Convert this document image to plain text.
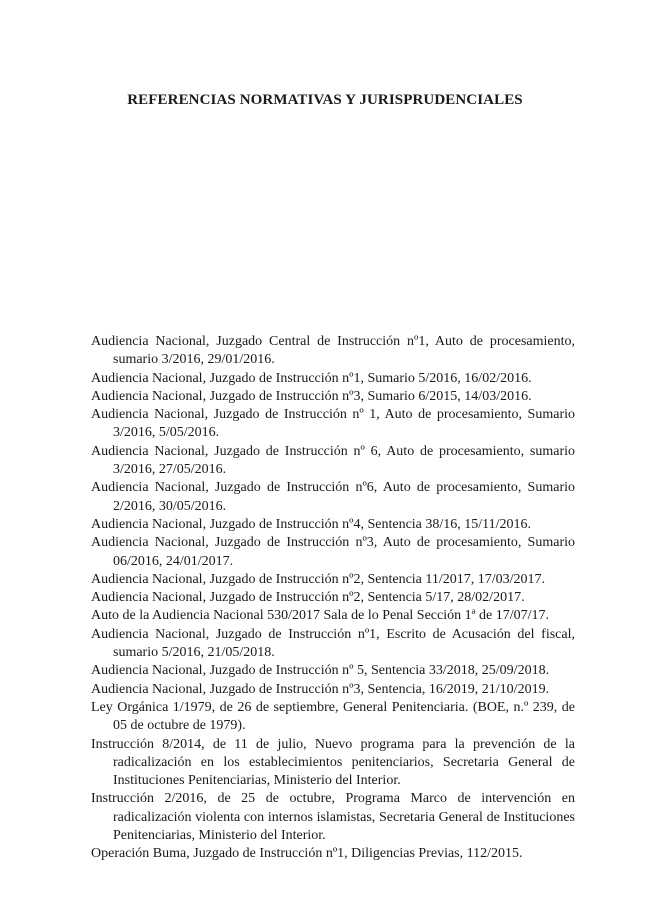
REFERENCIAS NORMATIVAS Y JURISPRUDENCIALES
Audiencia Nacional, Juzgado Central de Instrucción nº1, Auto de procesamiento, sumario 3/2016, 29/01/2016.
Audiencia Nacional, Juzgado de Instrucción nº1, Sumario 5/2016, 16/02/2016.
Audiencia Nacional, Juzgado de Instrucción nº3, Sumario 6/2015, 14/03/2016.
Audiencia Nacional, Juzgado de Instrucción nº 1, Auto de procesamiento, Sumario 3/2016, 5/05/2016.
Audiencia Nacional, Juzgado de Instrucción nº 6, Auto de procesamiento, sumario 3/2016, 27/05/2016.
Audiencia Nacional, Juzgado de Instrucción nº6, Auto de procesamiento, Sumario 2/2016, 30/05/2016.
Audiencia Nacional, Juzgado de Instrucción nº4, Sentencia 38/16, 15/11/2016.
Audiencia Nacional, Juzgado de Instrucción nº3, Auto de procesamiento, Sumario 06/2016, 24/01/2017.
Audiencia Nacional, Juzgado de Instrucción nº2, Sentencia 11/2017, 17/03/2017.
Audiencia Nacional, Juzgado de Instrucción nº2, Sentencia 5/17, 28/02/2017.
Auto de la Audiencia Nacional 530/2017 Sala de lo Penal Sección 1ª de 17/07/17.
Audiencia Nacional, Juzgado de Instrucción nº1, Escrito de Acusación del fiscal, sumario 5/2016, 21/05/2018.
Audiencia Nacional, Juzgado de Instrucción nº 5, Sentencia 33/2018, 25/09/2018.
Audiencia Nacional, Juzgado de Instrucción nº3, Sentencia, 16/2019, 21/10/2019.
Ley Orgánica 1/1979, de 26 de septiembre, General Penitenciaria. (BOE, n.º 239, de 05 de octubre de 1979).
Instrucción 8/2014, de 11 de julio, Nuevo programa para la prevención de la radicalización en los establecimientos penitenciarios, Secretaria General de Instituciones Penitenciarias, Ministerio del Interior.
Instrucción 2/2016, de 25 de octubre, Programa Marco de intervención en radicalización violenta con internos islamistas, Secretaria General de Instituciones Penitenciarias, Ministerio del Interior.
Operación Buma, Juzgado de Instrucción nº1, Diligencias Previas, 112/2015.
